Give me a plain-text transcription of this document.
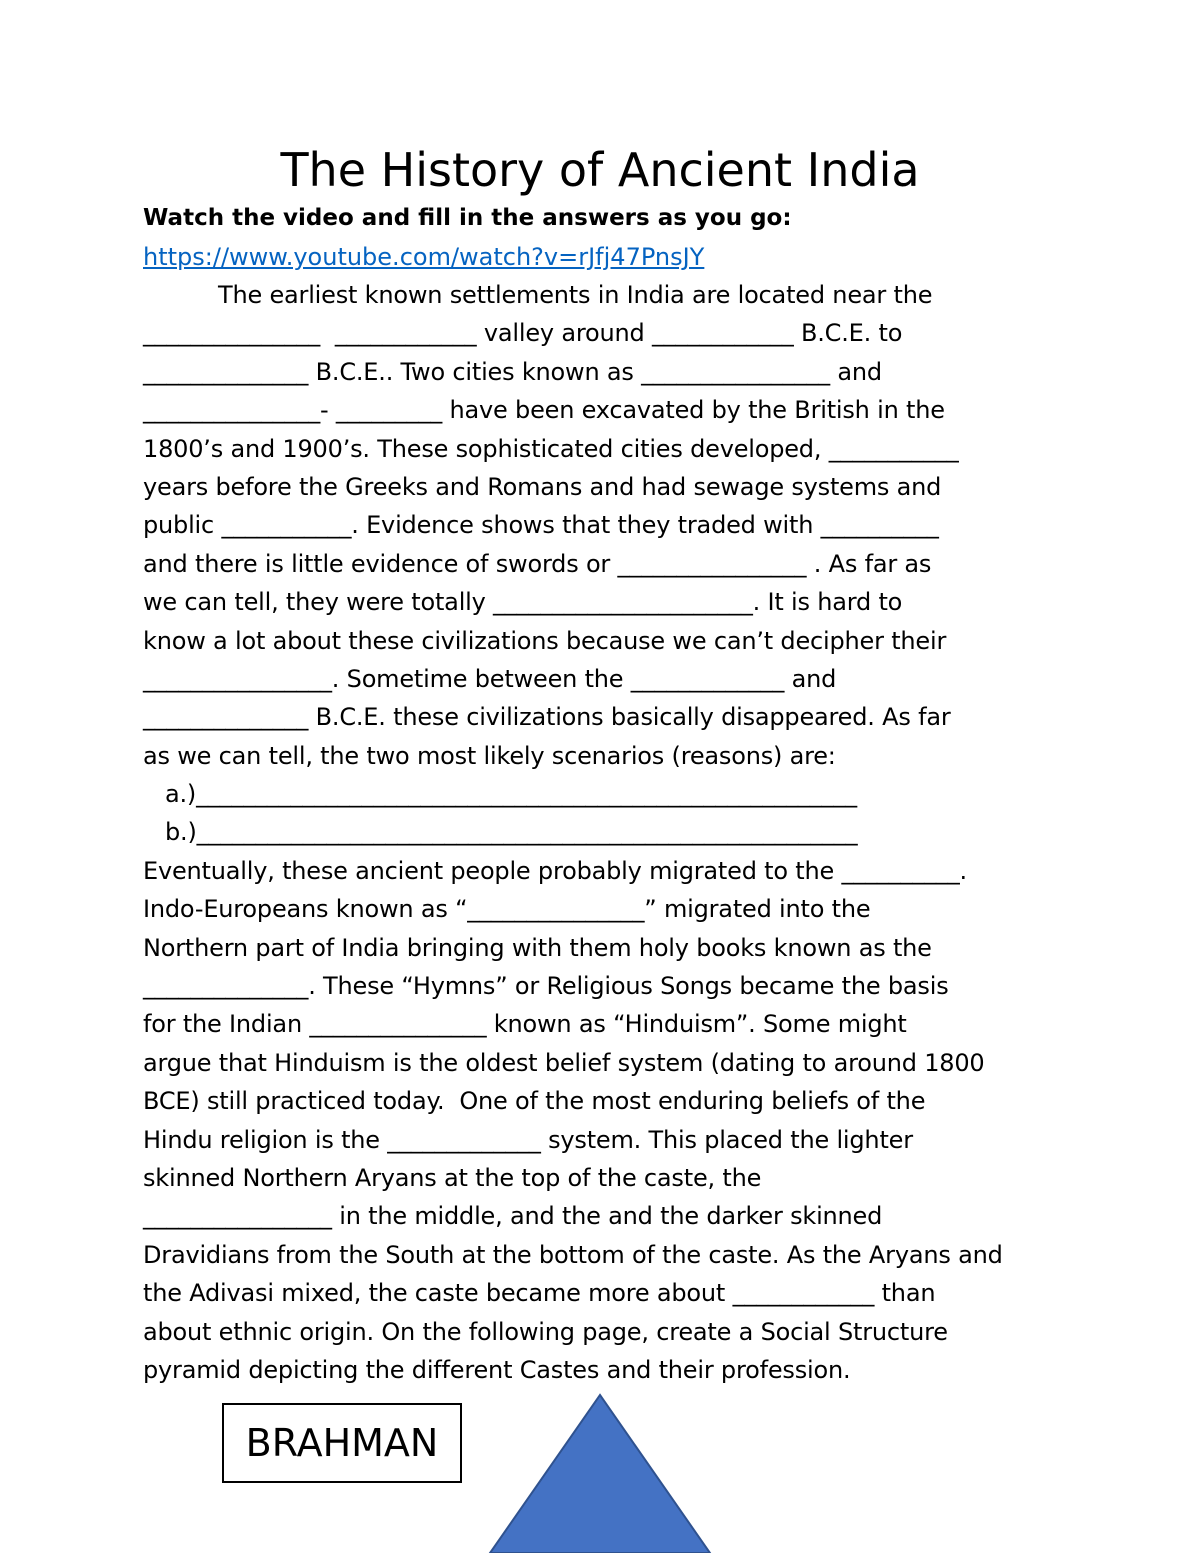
The History of Ancient India
Watch the video and fill in the answers as you go:
https://www.youtube.com/watch?v=rJfj47PnsJY
The earliest known settlements in India are located near the
_______________  ____________ valley around ____________ B.C.E. to
______________ B.C.E.. Two cities known as ________________ and
_______________- _________ have been excavated by the British in the
1800’s and 1900’s. These sophisticated cities developed, ___________
years before the Greeks and Romans and had sewage systems and
public ___________. Evidence shows that they traded with __________
and there is little evidence of swords or ________________ . As far as
we can tell, they were totally ______________________. It is hard to
know a lot about these civilizations because we can’t decipher their
________________. Sometime between the _____________ and
______________ B.C.E. these civilizations basically disappeared. As far
as we can tell, the two most likely scenarios (reasons) are:
a.)________________________________________________________
b.)________________________________________________________
Eventually, these ancient people probably migrated to the __________.
Indo-Europeans known as “_______________” migrated into the
Northern part of India bringing with them holy books known as the
______________. These “Hymns” or Religious Songs became the basis
for the Indian _______________ known as “Hinduism”. Some might
argue that Hinduism is the oldest belief system (dating to around 1800
BCE) still practiced today.  One of the most enduring beliefs of the
Hindu religion is the _____________ system. This placed the lighter
skinned Northern Aryans at the top of the caste, the
________________ in the middle, and the and the darker skinned
Dravidians from the South at the bottom of the caste. As the Aryans and
the Adivasi mixed, the caste became more about ____________ than
about ethnic origin. On the following page, create a Social Structure
pyramid depicting the different Castes and their profession.
BRAHMAN
